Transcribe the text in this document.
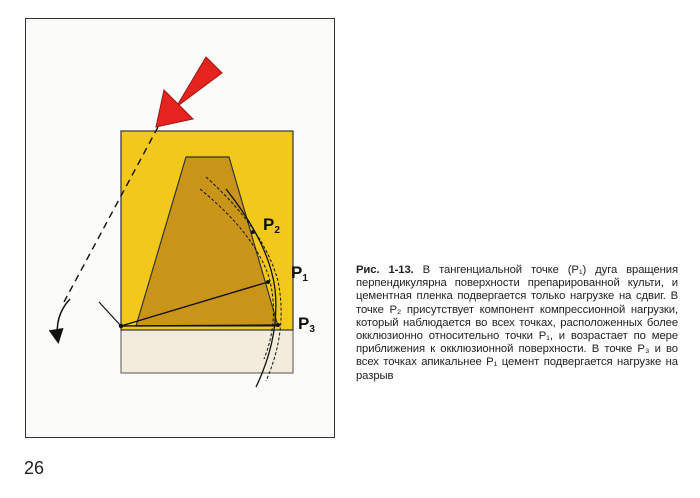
P2
P1
P3
Рис. 1-13. В тангенциальной точке (P₁) дуга вращения перпендикулярна поверхности препарированной культи, и цементная пленка подвергается только нагрузке на сдвиг. В точке P₂ присутствует компонент компрессионной нагрузки, который наблюдается во всех точках, расположенных более окклюзионно относительно точки P₁, и возрастает по мере приближения к окклюзионной поверхности. В точке P₃ и во всех точках апикальнее P₁ цемент подвергается нагрузке на разрыв
26
